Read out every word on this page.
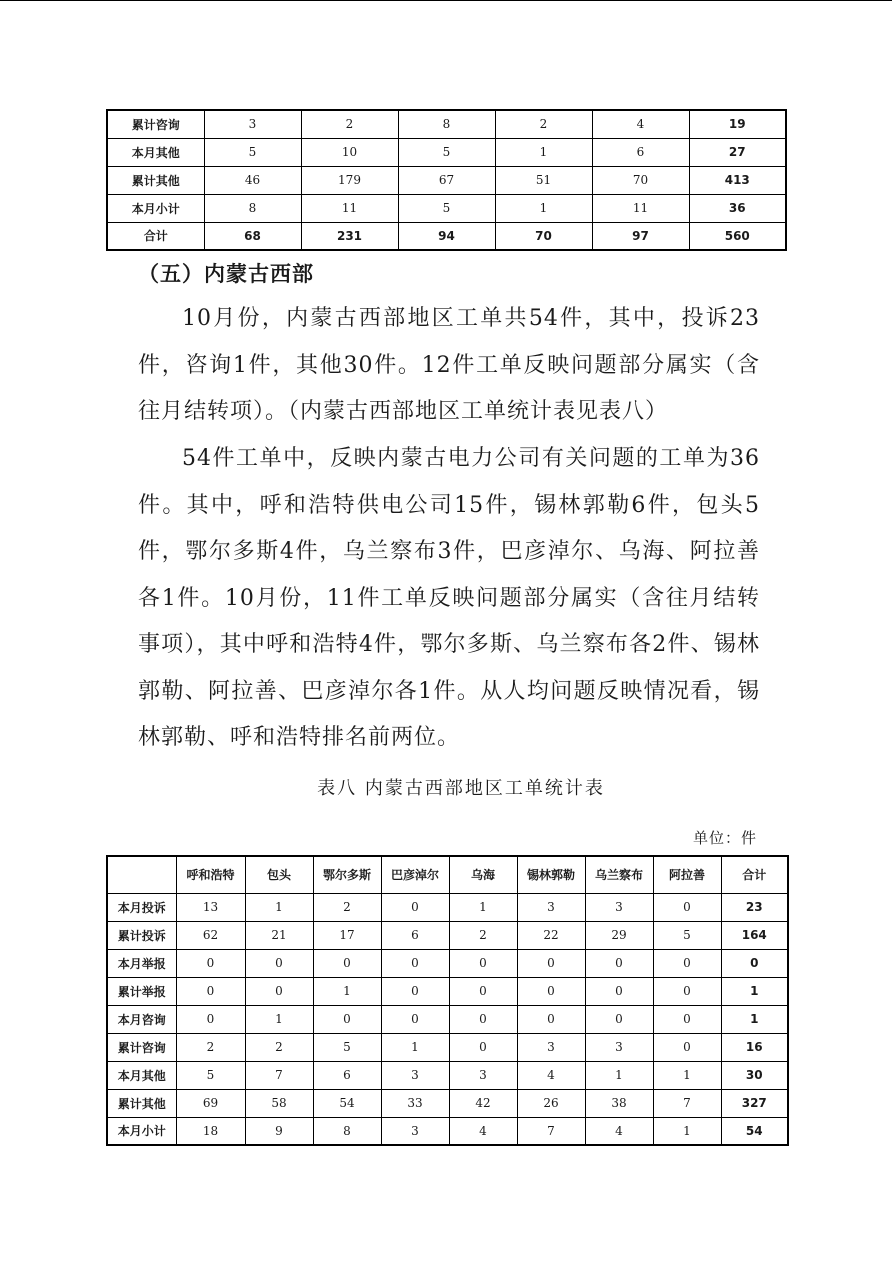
累计咨询	3	2	8	2	4	19
本月其他	5	10	5	1	6	27
累计其他	46	179	67	51	70	413
本月小计	8	11	5	1	11	36
合计	68	231	94	70	97	560
（五）内蒙古西部
10月份，内蒙古西部地区工单共54件，其中，投诉23件，咨询1件，其他30件。12件工单反映问题部分属实（含往月结转项）。（内蒙古西部地区工单统计表见表八）
54件工单中，反映内蒙古电力公司有关问题的工单为36件。其中，呼和浩特供电公司15件，锡林郭勒6件，包头5件，鄂尔多斯4件，乌兰察布3件，巴彦淖尔、乌海、阿拉善各1件。10月份，11件工单反映问题部分属实（含往月结转事项），其中呼和浩特4件，鄂尔多斯、乌兰察布各2件、锡林郭勒、阿拉善、巴彦淖尔各1件。从人均问题反映情况看，锡林郭勒、呼和浩特排名前两位。
表八 内蒙古西部地区工单统计表
单位：件
	呼和浩特	包头	鄂尔多斯	巴彦淖尔	乌海	锡林郭勒	乌兰察布	阿拉善	合计
本月投诉	13	1	2	0	1	3	3	0	23
累计投诉	62	21	17	6	2	22	29	5	164
本月举报	0	0	0	0	0	0	0	0	0
累计举报	0	0	1	0	0	0	0	0	1
本月咨询	0	1	0	0	0	0	0	0	1
累计咨询	2	2	5	1	0	3	3	0	16
本月其他	5	7	6	3	3	4	1	1	30
累计其他	69	58	54	33	42	26	38	7	327
本月小计	18	9	8	3	4	7	4	1	54
